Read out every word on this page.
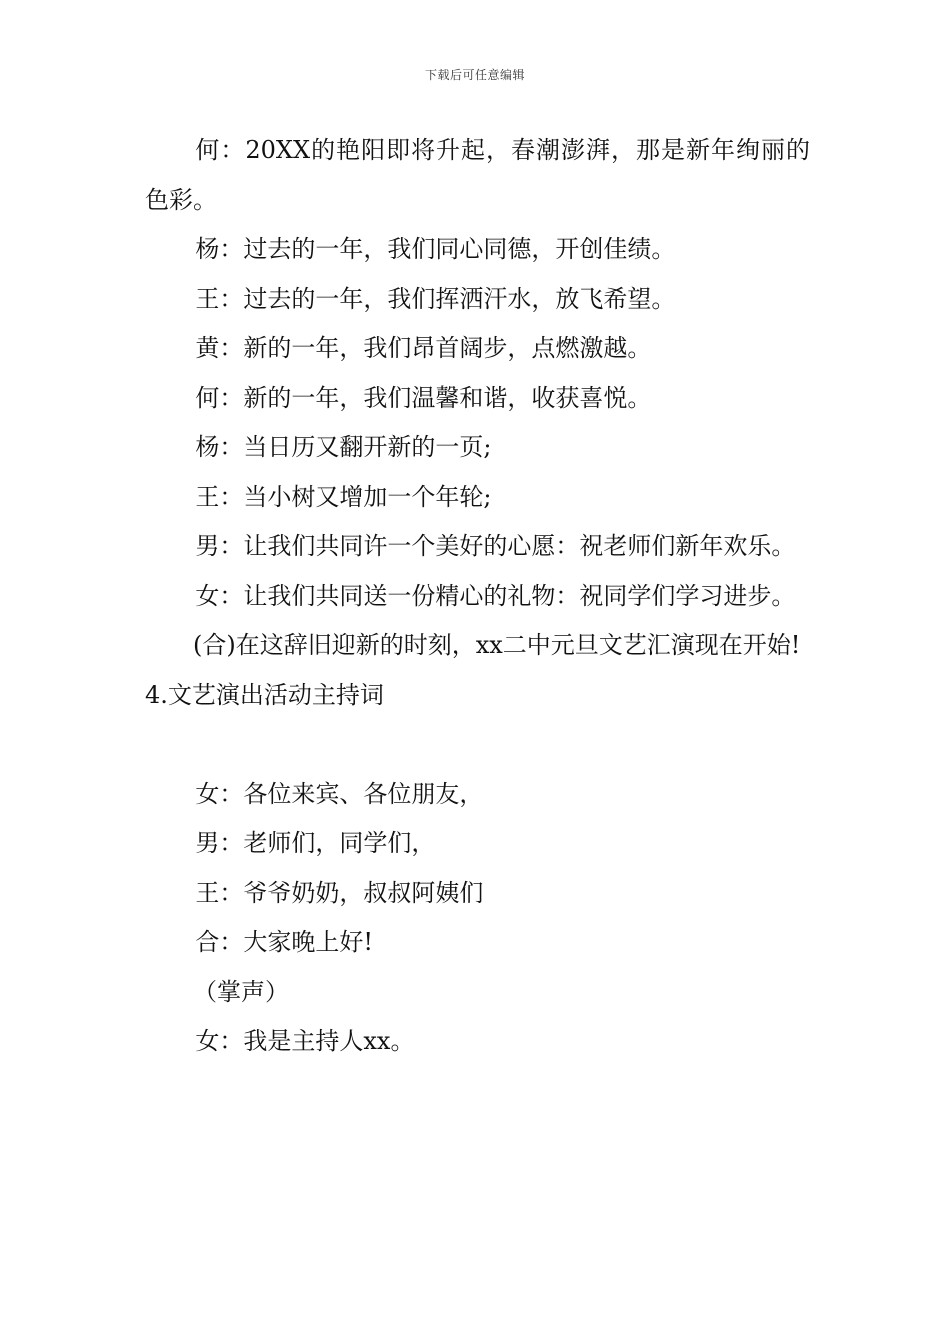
下载后可任意编辑

何：20XX的艳阳即将升起，春潮澎湃，那是新年绚丽的色彩。

杨：过去的一年，我们同心同德，开创佳绩。

王：过去的一年，我们挥洒汗水，放飞希望。

黄：新的一年，我们昂首阔步，点燃激越。

何：新的一年，我们温馨和谐，收获喜悦。

杨：当日历又翻开新的一页;

王：当小树又增加一个年轮;

男：让我们共同许一个美好的心愿：祝老师们新年欢乐。

女：让我们共同送一份精心的礼物：祝同学们学习进步。

(合)在这辞旧迎新的时刻，xx二中元旦文艺汇演现在开始!

4.文艺演出活动主持词

女：各位来宾、各位朋友，

男：老师们，同学们，

王：爷爷奶奶，叔叔阿姨们

合：大家晚上好!

（掌声）

女：我是主持人xx。
